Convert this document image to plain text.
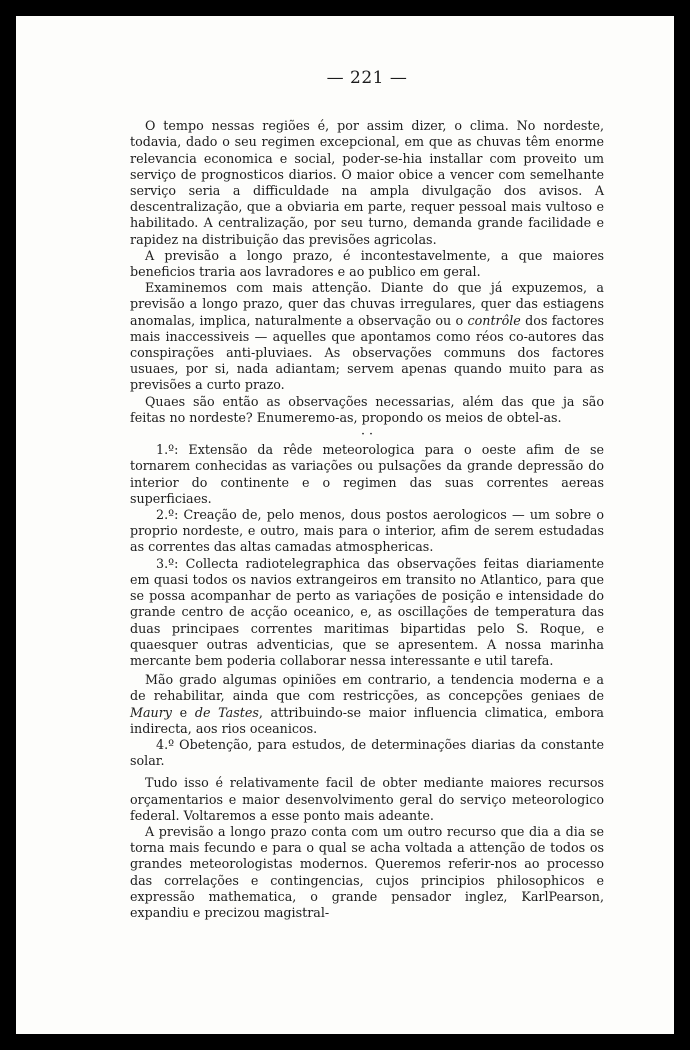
— 221 —

O tempo nessas regiões é, por assim dizer, o clima. No nordeste, todavia, dado o seu regimen excepcional, em que as chuvas têm enorme relevancia economica e social, poder-se-hia installar com proveito um serviço de prognosticos diarios. O maior obice a vencer com semelhante serviço seria a difficuldade na ampla divulgação dos avisos. A descentralização, que a obviaria em parte, requer pessoal mais vultoso e habilitado. A centralização, por seu turno, demanda grande facilidade e rapidez na distribuição das previsões agricolas.

A previsão a longo prazo, é incontestavelmente, a que maiores beneficios traria aos lavradores e ao publico em geral.

Examinemos com mais attenção. Diante do que já expuzemos, a previsão a longo prazo, quer das chuvas irregulares, quer das estiagens anomalas, implica, naturalmente a observação ou o contrôle dos factores mais inaccessiveis — aquelles que apontamos como réos co-autores das conspirações anti-pluviaes. As observações communs dos factores usuaes, por si, nada adiantam; servem apenas quando muito para as previsões a curto prazo.

Quaes são então as observações necessarias, além das que ja são feitas no nordeste? Enumeremo-as, propondo os meios de obtel-as.

· ·

1.º: Extensão da rêde meteorologica para o oeste afim de se tornarem conhecidas as variações ou pulsações da grande depressão do interior do continente e o regimen das suas correntes aereas superficiaes.

2.º: Creação de, pelo menos, dous postos aerologicos — um sobre o proprio nordeste, e outro, mais para o interior, afim de serem estudadas as correntes das altas camadas atmosphericas.

3.º: Collecta radiotelegraphica das observações feitas diariamente em quasi todos os navios extrangeiros em transito no Atlantico, para que se possa acompanhar de perto as variações de posição e intensidade do grande centro de acção oceanico, e, as oscillações de temperatura das duas principaes correntes maritimas bipartidas pelo S. Roque, e quaesquer outras adventicias, que se apresentem. A nossa marinha mercante bem poderia collaborar nessa interessante e util tarefa.

Mão grado algumas opiniões em contrario, a tendencia moderna e a de rehabilitar, ainda que com restricções, as concepções geniaes de Maury e de Tastes, attribuindo-se maior influencia climatica, embora indirecta, aos rios oceanicos.

4.º Obetenção, para estudos, de determinações diarias da constante solar.

Tudo isso é relativamente facil de obter mediante maiores recursos orçamentarios e maior desenvolvimento geral do serviço meteorologico federal. Voltaremos a esse ponto mais adeante.

A previsão a longo prazo conta com um outro recurso que dia a dia se torna mais fecundo e para o qual se acha voltada a attenção de todos os grandes meteorologistas modernos. Queremos referir-nos ao processo das correlações e contingencias, cujos principios philosophicos e expressão mathematica, o grande pensador inglez, KarlPearson, expandiu e precizou magistral-
